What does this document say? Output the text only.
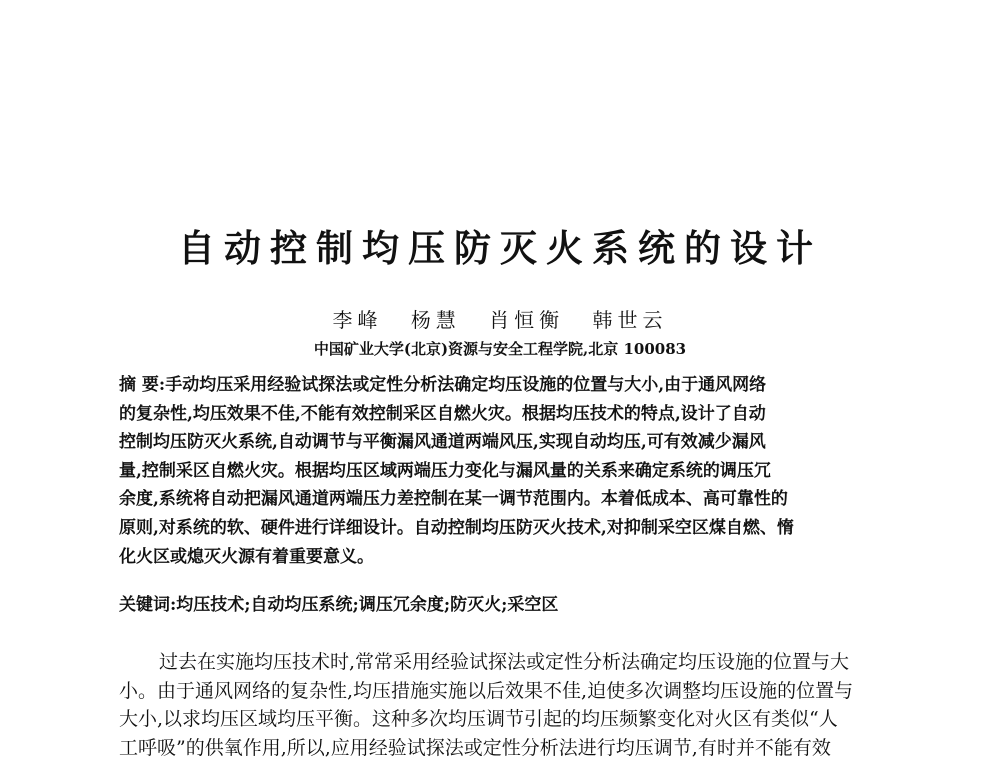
自动控制均压防灭火系统的设计
李峰 杨慧 肖恒衡 韩世云
中国矿业大学(北京)资源与安全工程学院,北京 100083
摘 要:手动均压采用经验试探法或定性分析法确定均压设施的位置与大小,由于通风网络
的复杂性,均压效果不佳,不能有效控制采区自燃火灾。根据均压技术的特点,设计了自动
控制均压防灭火系统,自动调节与平衡漏风通道两端风压,实现自动均压,可有效减少漏风
量,控制采区自燃火灾。根据均压区域两端压力变化与漏风量的关系来确定系统的调压冗
余度,系统将自动把漏风通道两端压力差控制在某一调节范围内。本着低成本、高可靠性的
原则,对系统的软、硬件进行详细设计。自动控制均压防灭火技术,对抑制采空区煤自燃、惰
化火区或熄灭火源有着重要意义。
关键词:均压技术;自动均压系统;调压冗余度;防灭火;采空区
过去在实施均压技术时,常常采用经验试探法或定性分析法确定均压设施的位置与大
小。由于通风网络的复杂性,均压措施实施以后效果不佳,迫使多次调整均压设施的位置与
大小,以求均压区域均压平衡。这种多次均压调节引起的均压频繁变化对火区有类似“人
工呼吸”的供氧作用,所以,应用经验试探法或定性分析法进行均压调节,有时并不能有效
